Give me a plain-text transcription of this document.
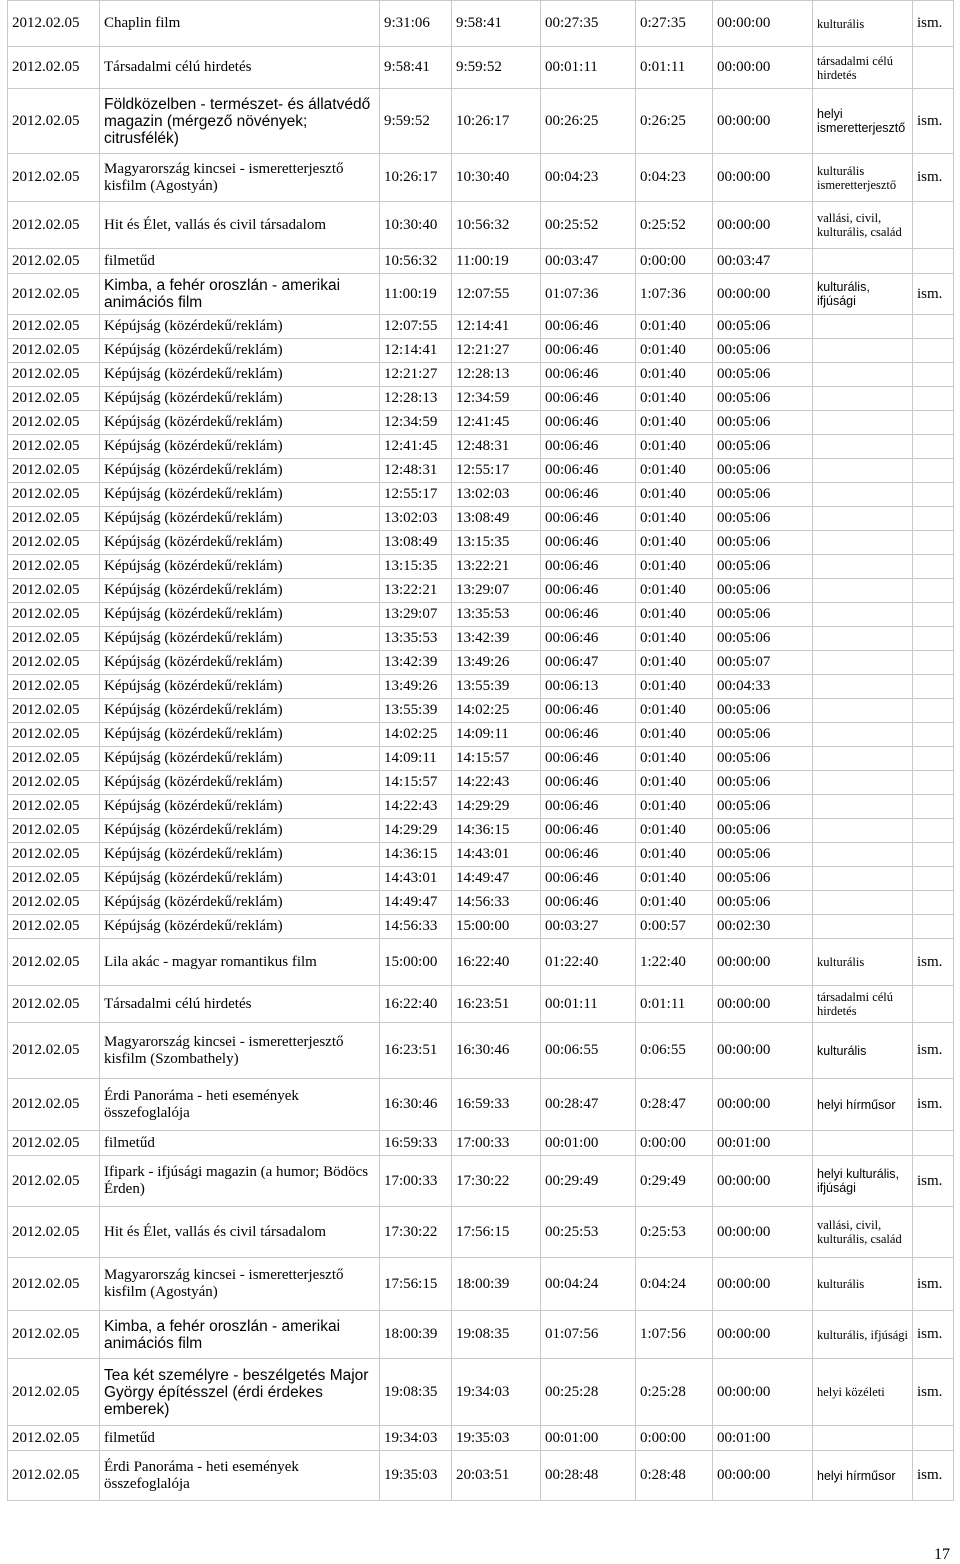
2012.02.05	Chaplin film	9:31:06	9:58:41	00:27:35	0:27:35	00:00:00	kulturális	ism.
2012.02.05	Társadalmi célú hirdetés	9:58:41	9:59:52	00:01:11	0:01:11	00:00:00	társadalmi célú hirdetés	
2012.02.05	Földközelben - természet- és állatvédő magazin (mérgező növények; citrusfélék)	9:59:52	10:26:17	00:26:25	0:26:25	00:00:00	helyi ismeretterjesztő	ism.
2012.02.05	Magyarország kincsei - ismeretterjesztő kisfilm (Agostyán)	10:26:17	10:30:40	00:04:23	0:04:23	00:00:00	kulturális ismeretterjesztő	ism.
2012.02.05	Hit és Élet, vallás és civil társadalom	10:30:40	10:56:32	00:25:52	0:25:52	00:00:00	vallási, civil, kulturális, család	
2012.02.05	filmetűd	10:56:32	11:00:19	00:03:47	0:00:00	00:03:47		
2012.02.05	Kimba, a fehér oroszlán - amerikai animációs film	11:00:19	12:07:55	01:07:36	1:07:36	00:00:00	kulturális, ifjúsági	ism.
2012.02.05	Képújság (közérdekű/reklám)	12:07:55	12:14:41	00:06:46	0:01:40	00:05:06		
2012.02.05	Képújság (közérdekű/reklám)	12:14:41	12:21:27	00:06:46	0:01:40	00:05:06		
2012.02.05	Képújság (közérdekű/reklám)	12:21:27	12:28:13	00:06:46	0:01:40	00:05:06		
2012.02.05	Képújság (közérdekű/reklám)	12:28:13	12:34:59	00:06:46	0:01:40	00:05:06		
2012.02.05	Képújság (közérdekű/reklám)	12:34:59	12:41:45	00:06:46	0:01:40	00:05:06		
2012.02.05	Képújság (közérdekű/reklám)	12:41:45	12:48:31	00:06:46	0:01:40	00:05:06		
2012.02.05	Képújság (közérdekű/reklám)	12:48:31	12:55:17	00:06:46	0:01:40	00:05:06		
2012.02.05	Képújság (közérdekű/reklám)	12:55:17	13:02:03	00:06:46	0:01:40	00:05:06		
2012.02.05	Képújság (közérdekű/reklám)	13:02:03	13:08:49	00:06:46	0:01:40	00:05:06		
2012.02.05	Képújság (közérdekű/reklám)	13:08:49	13:15:35	00:06:46	0:01:40	00:05:06		
2012.02.05	Képújság (közérdekű/reklám)	13:15:35	13:22:21	00:06:46	0:01:40	00:05:06		
2012.02.05	Képújság (közérdekű/reklám)	13:22:21	13:29:07	00:06:46	0:01:40	00:05:06		
2012.02.05	Képújság (közérdekű/reklám)	13:29:07	13:35:53	00:06:46	0:01:40	00:05:06		
2012.02.05	Képújság (közérdekű/reklám)	13:35:53	13:42:39	00:06:46	0:01:40	00:05:06		
2012.02.05	Képújság (közérdekű/reklám)	13:42:39	13:49:26	00:06:47	0:01:40	00:05:07		
2012.02.05	Képújság (közérdekű/reklám)	13:49:26	13:55:39	00:06:13	0:01:40	00:04:33		
2012.02.05	Képújság (közérdekű/reklám)	13:55:39	14:02:25	00:06:46	0:01:40	00:05:06		
2012.02.05	Képújság (közérdekű/reklám)	14:02:25	14:09:11	00:06:46	0:01:40	00:05:06		
2012.02.05	Képújság (közérdekű/reklám)	14:09:11	14:15:57	00:06:46	0:01:40	00:05:06		
2012.02.05	Képújság (közérdekű/reklám)	14:15:57	14:22:43	00:06:46	0:01:40	00:05:06		
2012.02.05	Képújság (közérdekű/reklám)	14:22:43	14:29:29	00:06:46	0:01:40	00:05:06		
2012.02.05	Képújság (közérdekű/reklám)	14:29:29	14:36:15	00:06:46	0:01:40	00:05:06		
2012.02.05	Képújság (közérdekű/reklám)	14:36:15	14:43:01	00:06:46	0:01:40	00:05:06		
2012.02.05	Képújság (közérdekű/reklám)	14:43:01	14:49:47	00:06:46	0:01:40	00:05:06		
2012.02.05	Képújság (közérdekű/reklám)	14:49:47	14:56:33	00:06:46	0:01:40	00:05:06		
2012.02.05	Képújság (közérdekű/reklám)	14:56:33	15:00:00	00:03:27	0:00:57	00:02:30		
2012.02.05	Lila akác - magyar romantikus film	15:00:00	16:22:40	01:22:40	1:22:40	00:00:00	kulturális	ism.
2012.02.05	Társadalmi célú hirdetés	16:22:40	16:23:51	00:01:11	0:01:11	00:00:00	társadalmi célú hirdetés	
2012.02.05	Magyarország kincsei - ismeretterjesztő kisfilm (Szombathely)	16:23:51	16:30:46	00:06:55	0:06:55	00:00:00	kulturális	ism.
2012.02.05	Érdi Panoráma - heti események összefoglalója	16:30:46	16:59:33	00:28:47	0:28:47	00:00:00	helyi hírműsor	ism.
2012.02.05	filmetűd	16:59:33	17:00:33	00:01:00	0:00:00	00:01:00		
2012.02.05	Ifipark - ifjúsági magazin (a humor; Bödöcs Érden)	17:00:33	17:30:22	00:29:49	0:29:49	00:00:00	helyi kulturális, ifjúsági	ism.
2012.02.05	Hit és Élet, vallás és civil társadalom	17:30:22	17:56:15	00:25:53	0:25:53	00:00:00	vallási, civil, kulturális, család	
2012.02.05	Magyarország kincsei - ismeretterjesztő kisfilm (Agostyán)	17:56:15	18:00:39	00:04:24	0:04:24	00:00:00	kulturális	ism.
2012.02.05	Kimba, a fehér oroszlán - amerikai animációs film	18:00:39	19:08:35	01:07:56	1:07:56	00:00:00	kulturális, ifjúsági	ism.
2012.02.05	Tea két személyre - beszélgetés Major György építésszel (érdi érdekes emberek)	19:08:35	19:34:03	00:25:28	0:25:28	00:00:00	helyi közéleti	ism.
2012.02.05	filmetűd	19:34:03	19:35:03	00:01:00	0:00:00	00:01:00		
2012.02.05	Érdi Panoráma - heti események összefoglalója	19:35:03	20:03:51	00:28:48	0:28:48	00:00:00	helyi hírműsor	ism.
17
